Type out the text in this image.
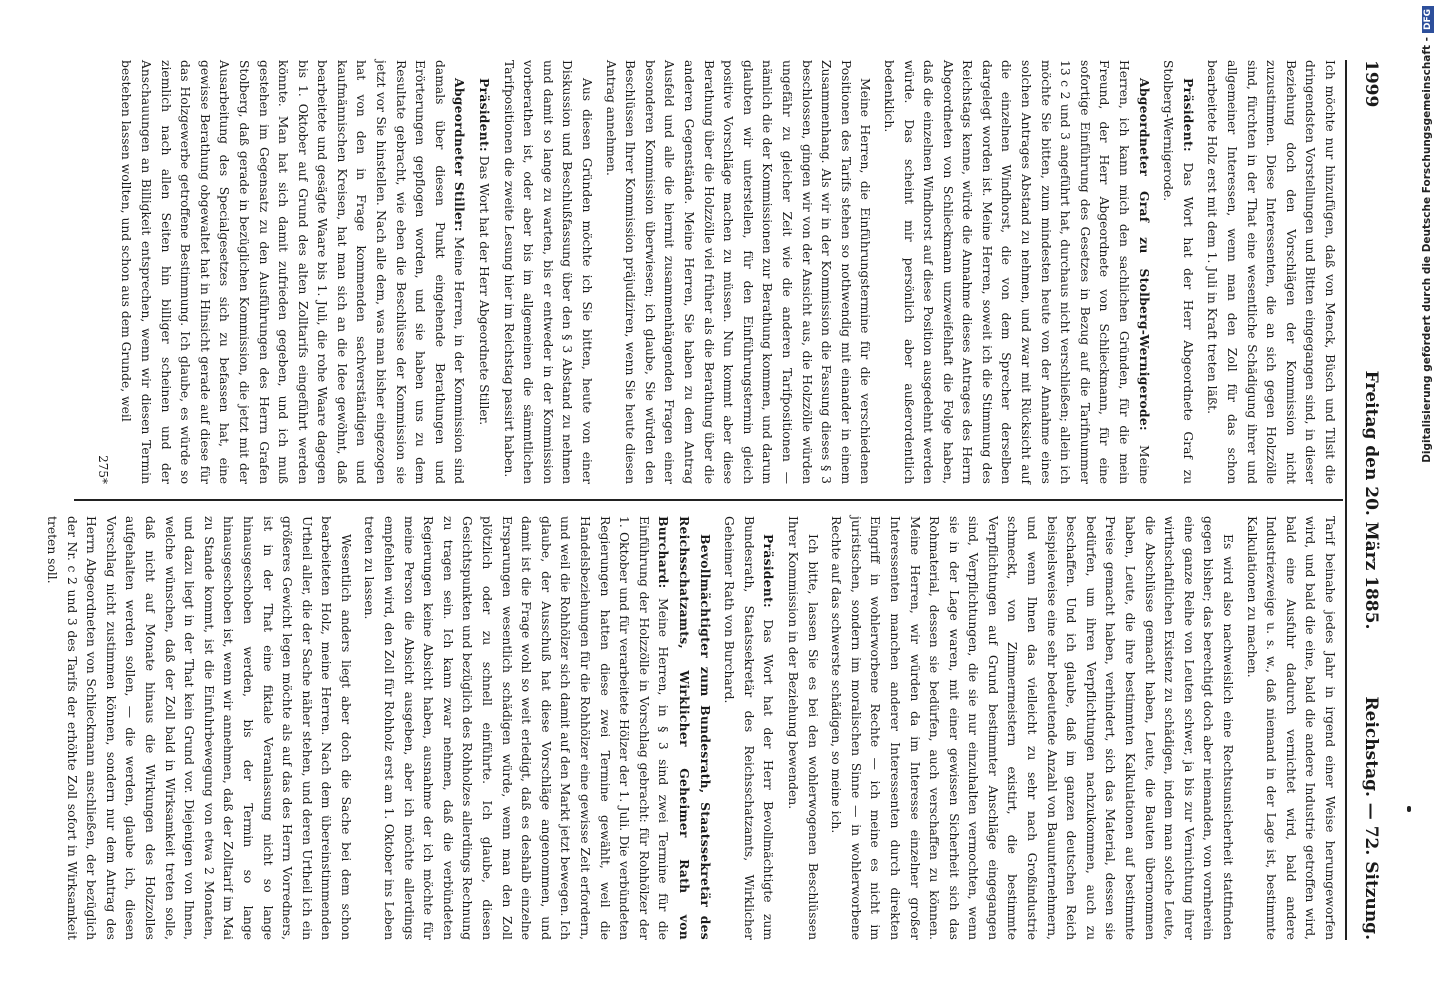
1999
Freitag den 20. März 1885.
Reichstag. — 72. Sitzung.

Ich möchte nur hinzufügen, daß von Menck, Büsch und Tilsit die dringendsten Vorstellungen und Bitten eingegangen sind, in dieser Beziehung doch den Vorschlägen der Kommission nicht zuzustimmen. Diese Interessenten, die an sich gegen Holzzölle sind, fürchten in der That eine wesentliche Schädigung ihrer und allgemeiner Interessen, wenn man den Zoll für das schon bearbeitete Holz erst mit dem 1. Juli in Kraft treten läßt.

Präsident: Das Wort hat der Herr Abgeordnete Graf zu Stolberg-Wernigerode.

Abgeordneter Graf zu Stolberg-Wernigerode: Meine Herren, ich kann mich den sachlichen Gründen, für die mein Freund, der Herr Abgeordnete von Schlieckmann, für eine sofortige Einführung des Gesetzes in Bezug auf die Tarifnummer 13 c 2 und 3 angeführt hat, durchaus nicht verschließen; allein ich möchte Sie bitten, zum mindesten heute von der Annahme eines solchen Antrages Abstand zu nehmen, und zwar mit Rücksicht auf die einzelnen Windhorst, die von dem Sprecher derselben dargelegt worden ist. Meine Herren, soweit ich die Stimmung des Reichstags kenne, würde die Annahme dieses Antrages des Herrn Abgeordneten von Schlieckmann unzweifelhaft die Folge haben, daß die einzelnen Windhorst auf diese Position ausgedehnt werden würde. Das scheint mir persönlich aber außerordentlich bedenklich.

Meine Herren, die Einführungstermine für die verschiedenen Positionen des Tarifs stehen so nothwendig mit einander in einem Zusammenhang. Als wir in der Kommission die Fassung dieses § 3 beschlossen, gingen wir von der Ansicht aus, die Holzzölle würden ungefähr zu gleicher Zeit wie die anderen Tarifpositionen — nämlich die der Kommissionen zur Berathung kommen, und darum glaubten wir unterstellen, für den Einführungstermin gleich positive Vorschläge machen zu müssen. Nun kommt aber diese Berathung über die Holzzölle viel früher als die Berathung über die anderen Gegenstände. Meine Herren, Sie haben zu dem Antrag Ausfeld und alle die hiermit zusammenhängenden Fragen einer besonderen Kommission überwiesen; ich glaube, Sie würden den Beschlüssen Ihrer Kommission präjudiziren, wenn Sie heute diesen Antrag annehmen.

Aus diesen Gründen möchte ich Sie bitten, heute von einer Diskussion und Beschlußfassung über den § 3 Abstand zu nehmen und damit so lange zu warten, bis er entweder in der Kommission vorberathen ist, oder aber bis im allgemeinen die sämmtlichen Tarifpositionen die zweite Lesung hier im Reichstag passirt haben.

Präsident: Das Wort hat der Herr Abgeordnete Stiller.

Abgeordneter Stiller: Meine Herren, in der Kommission sind damals über diesen Punkt eingehende Berathungen und Erörterungen gepflogen worden, und sie haben uns zu dem Resultate gebracht, wie eben die Beschlüsse der Kommission sie jetzt vor Sie hinstellen. Nach alle dem, was man bisher eingezogen hat von den in Frage kommenden sachverständigen und kaufmännischen Kreisen, hat man sich an die Idee gewöhnt, daß bearbeitete und gesägte Waare bis 1. Juli, die rohe Waare dagegen bis 1. Oktober auf Grund des alten Zolltarifs eingeführt werden könnte. Man hat sich damit zufrieden gegeben, und ich muß gestehen im Gegensatz zu den Ausführungen des Herrn Grafen Stolberg, daß gerade in bezüglichen Kommission, die jetzt mit der Ausarbeitung des Specialgesetzes sich zu befassen hat, eine gewisse Berathung obgewaltet hat in Hinsicht gerade auf diese für das Holzgewerbe getroffene Bestimmung. Ich glaube, es würde so ziemlich nach allen Seiten hin billiger scheinen und der Anschauungen an Billigkeit entsprechen, wenn wir diesen Termin bestehen lassen wollten, und schon aus dem Grunde, weil

275*

Tarif beinahe jedes Jahr in irgend einer Weise herumgeworfen wird, und bald die eine, bald die andere Industrie getroffen wird, bald eine Ausfuhr dadurch vernichtet wird, bald andere Industriezweige u. s. w., daß niemand in der Lage ist, bestimmte Kalkulationen zu machen.

Es wird also nachweislich eine Rechtsunsicherheit stattfinden gegen bisher; das berechtigt doch aber niemanden, von vornherein eine ganze Reihe von Leuten schwer, ja bis zur Vernichtung ihrer wirthschaftlichen Existenz zu schädigen, indem man solche Leute, die Abschlüsse gemacht haben, Leute, die Bauten übernommen haben, Leute, die ihre bestimmten Kalkulationen auf bestimmte Preise gemacht haben, verhindert, sich das Material, dessen sie bedürfen, um ihren Verpflichtungen nachzukommen, auch zu beschaffen. Und ich glaube, daß im ganzen deutschen Reich beispielsweise eine sehr bedeutende Anzahl von Bauunternehmern, und wenn Ihnen das vielleicht zu sehr nach Großindustrie schmeckt, von Zimmermeistern existirt, die bestimmte Verpflichtungen auf Grund bestimmter Anschläge eingegangen sind, Verpflichtungen, die sie nur einzuhalten vermochten, wenn sie in der Lage waren, mit einer gewissen Sicherheit sich das Rohmaterial, dessen sie bedürfen, auch verschaffen zu können. Meine Herren, wir würden da im Interesse einzelner großer Interessenten manchen anderer Interessenten durch direkten Eingriff in wohlerworbene Rechte — ich meine es nicht im juristischen, sondern im moralischen Sinne — in wohlerworbene Rechte auf das schwerste schädigen, so meine ich.

Ich bitte, lassen Sie es bei den wohlerwogenen Beschlüssen Ihrer Kommission in der Beziehung bewenden.

Präsident: Das Wort hat der Herr Bevollmächtigte zum Bundesrath, Staatssekretär des Reichsschatzamts, Wirklicher Geheimer Rath von Burchard.

Bevollmächtigter zum Bundesrath, Staatssekretär des Reichsschatzamts, Wirklicher Geheimer Rath von Burchard: Meine Herren, in § 3 sind zwei Termine für die Einführung der Holzzölle in Vorschlag gebracht: für Rohhölzer der 1. Oktober und für verarbeitete Hölzer der 1. Juli. Die verbündeten Regierungen hatten diese zwei Termine gewählt, weil die Handelsbeziehungen für die Rohhölzer eine gewisse Zeit erfordern, und weil die Rohhölzer sich damit auf den Markt jetzt bewegen. Ich glaube, der Ausschuß hat diese Vorschläge angenommen, und damit ist die Frage wohl so weit erledigt, daß es deshalb einzelne Ersparungen wesentlich schädigen würde, wenn man den Zoll plötzlich oder zu schnell einführte. Ich glaube, diesen Gesichtspunkten und bezüglich des Rohholzes allerdings Rechnung zu tragen sein. Ich kann zwar nehmen, daß die verbündeten Regierungen keine Absicht haben, ausnahme der ich möchte für meine Person die Absicht ausgeben, aber ich möchte allerdings empfehlen wird, den Zoll für Rohholz erst am 1. Oktober ins Leben treten zu lassen.

Wesentlich anders liegt aber doch die Sache bei dem schon bearbeiteten Holz, meine Herren. Nach dem übereinstimmenden Urtheil aller, die der Sache näher stehen, und deren Urtheil ich ein größeres Gewicht legen möchte als auf das des Herrn Vorredners, ist in der That eine fiktale Veranlassung nicht so lange hinausgeschoben werden, bis der Termin so lange hinausgeschoben ist, wenn wir annehmen, daß der Zolltarif im Mai zu Stande kommt, ist die Einfuhrbewegung von etwa 2 Monaten, und dazu liegt in der That kein Grund vor. Diejenigen von Ihnen, welche wünschen, daß der Zoll bald in Wirksamkeit treten solle, daß nicht auf Monate hinaus die Wirkungen des Holzzolles aufgehalten werden sollen, — die werden, glaube ich, diesen Vorschlag nicht zustimmen können, sondern nur dem Antrag des Herrn Abgeordneten von Schlieckmann anschließen, der bezüglich der Nr. c 2 und 3 des Tarifs der erhöhte Zoll sofort in Wirksamkeit treten soll.

Digitalisierung gefördert durch die Deutsche Forschungsgemeinschaft -DFG
